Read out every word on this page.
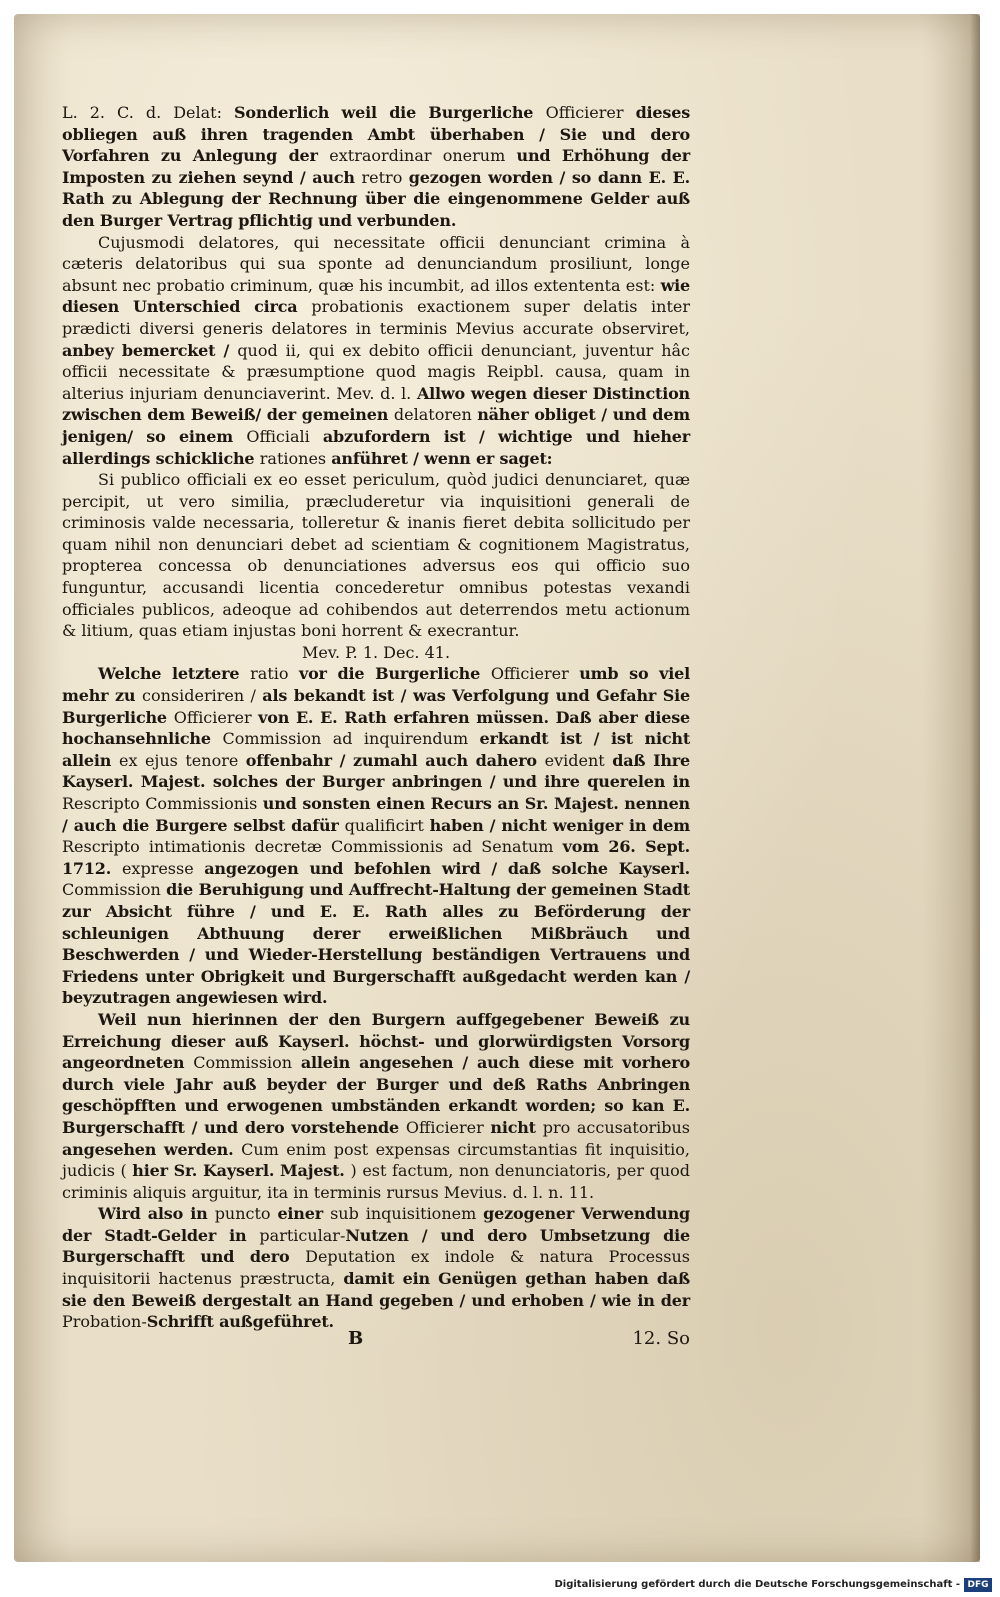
L. 2. C. d. Delat: Sonderlich weil die Burgerliche Officierer dieses obliegen auß ihren tragenden Ambt überhaben / Sie und dero Vorfahren zu Anlegung der extraordinar onerum und Erhöhung der Imposten zu ziehen seynd / auch retro gezogen worden / so dann E. E. Rath zu Ablegung der Rechnung über die eingenommene Gelder auß den Burger Vertrag pflichtig und verbunden.

Cujusmodi delatores, qui necessitate officii denunciant crimina à cæteris delatoribus qui sua sponte ad denunciandum prosiliunt, longe absunt nec probatio criminum, quæ his incumbit, ad illos extententa est: wie diesen Unterschied circa probationis exactionem super delatis inter prædicti diversi generis delatores in terminis Mevius accurate observiret, anbey bemercket / quod ii, qui ex debito officii denunciant, juventur hâc officii necessitate & præsumptione quod magis Reipbl. causa, quam in alterius injuriam denunciaverint. Mev. d. l. Allwo wegen dieser Distinction zwischen dem Beweiß/ der gemeinen delatoren näher obliget / und dem jenigen/ so einem Officiali abzufordern ist / wichtige und hieher allerdings schickliche rationes anführet / wenn er saget:

Si publico officiali ex eo esset periculum, quòd judici denunciaret, quæ percipit, ut vero similia, præcluderetur via inquisitioni generali de criminosis valde necessaria, tolleretur & inanis fieret debita sollicitudo per quam nihil non denunciari debet ad scientiam & cognitionem Magistratus, propterea concessa ob denunciationes adversus eos qui officio suo funguntur, accusandi licentia concederetur omnibus potestas vexandi officiales publicos, adeoque ad cohibendos aut deterrendos metu actionum & litium, quas etiam injustas boni horrent & execrantur.

Mev. P. 1. Dec. 41.

Welche letztere ratio vor die Burgerliche Officierer umb so viel mehr zu consideriren / als bekandt ist / was Verfolgung und Gefahr Sie Burgerliche Officierer von E. E. Rath erfahren müssen. Daß aber diese hochansehnliche Commission ad inquirendum erkandt ist / ist nicht allein ex ejus tenore offenbahr / zumahl auch dahero evident daß Ihre Kayserl. Majest. solches der Burger anbringen / und ihre querelen in Rescripto Commissionis und sonsten einen Recurs an Sr. Majest. nennen / auch die Burgere selbst dafür qualificirt haben / nicht weniger in dem Rescripto intimationis decretæ Commissionis ad Senatum vom 26. Sept. 1712. expresse angezogen und befohlen wird / daß solche Kayserl. Commission die Beruhigung und Auffrecht-Haltung der gemeinen Stadt zur Absicht führe / und E. E. Rath alles zu Beförderung der schleunigen Abthuung derer erweißlichen Mißbräuch und Beschwerden / und Wieder-Herstellung beständigen Vertrauens und Friedens unter Obrigkeit und Burgerschafft außgedacht werden kan / beyzutragen angewiesen wird.

Weil nun hierinnen der den Burgern auffgegebener Beweiß zu Erreichung dieser auß Kayserl. höchst- und glorwürdigsten Vorsorg angeordneten Commission allein angesehen / auch diese mit vorhero durch viele Jahr auß beyder der Burger und deß Raths Anbringen geschöpfften und erwogenen umbständen erkandt worden; so kan E. Burgerschafft / und dero vorstehende Officierer nicht pro accusatoribus angesehen werden. Cum enim post expensas circumstantias fit inquisitio, judicis ( hier Sr. Kayserl. Majest. ) est factum, non denunciatoris, per quod criminis aliquis arguitur, ita in terminis rursus Mevius. d. l. n. 11.

Wird also in puncto einer sub inquisitionem gezogener Verwendung der Stadt-Gelder in particular-Nutzen / und dero Umbsetzung die Burgerschafft und dero Deputation ex indole & natura Processus inquisitorii hactenus præstructa, damit ein Genügen gethan haben daß sie den Beweiß dergestalt an Hand gegeben / und erhoben / wie in der Probation-Schrifft außgeführet.

B	12. So
Digitalisierung gefördert durch die Deutsche Forschungsgemeinschaft - DFG
